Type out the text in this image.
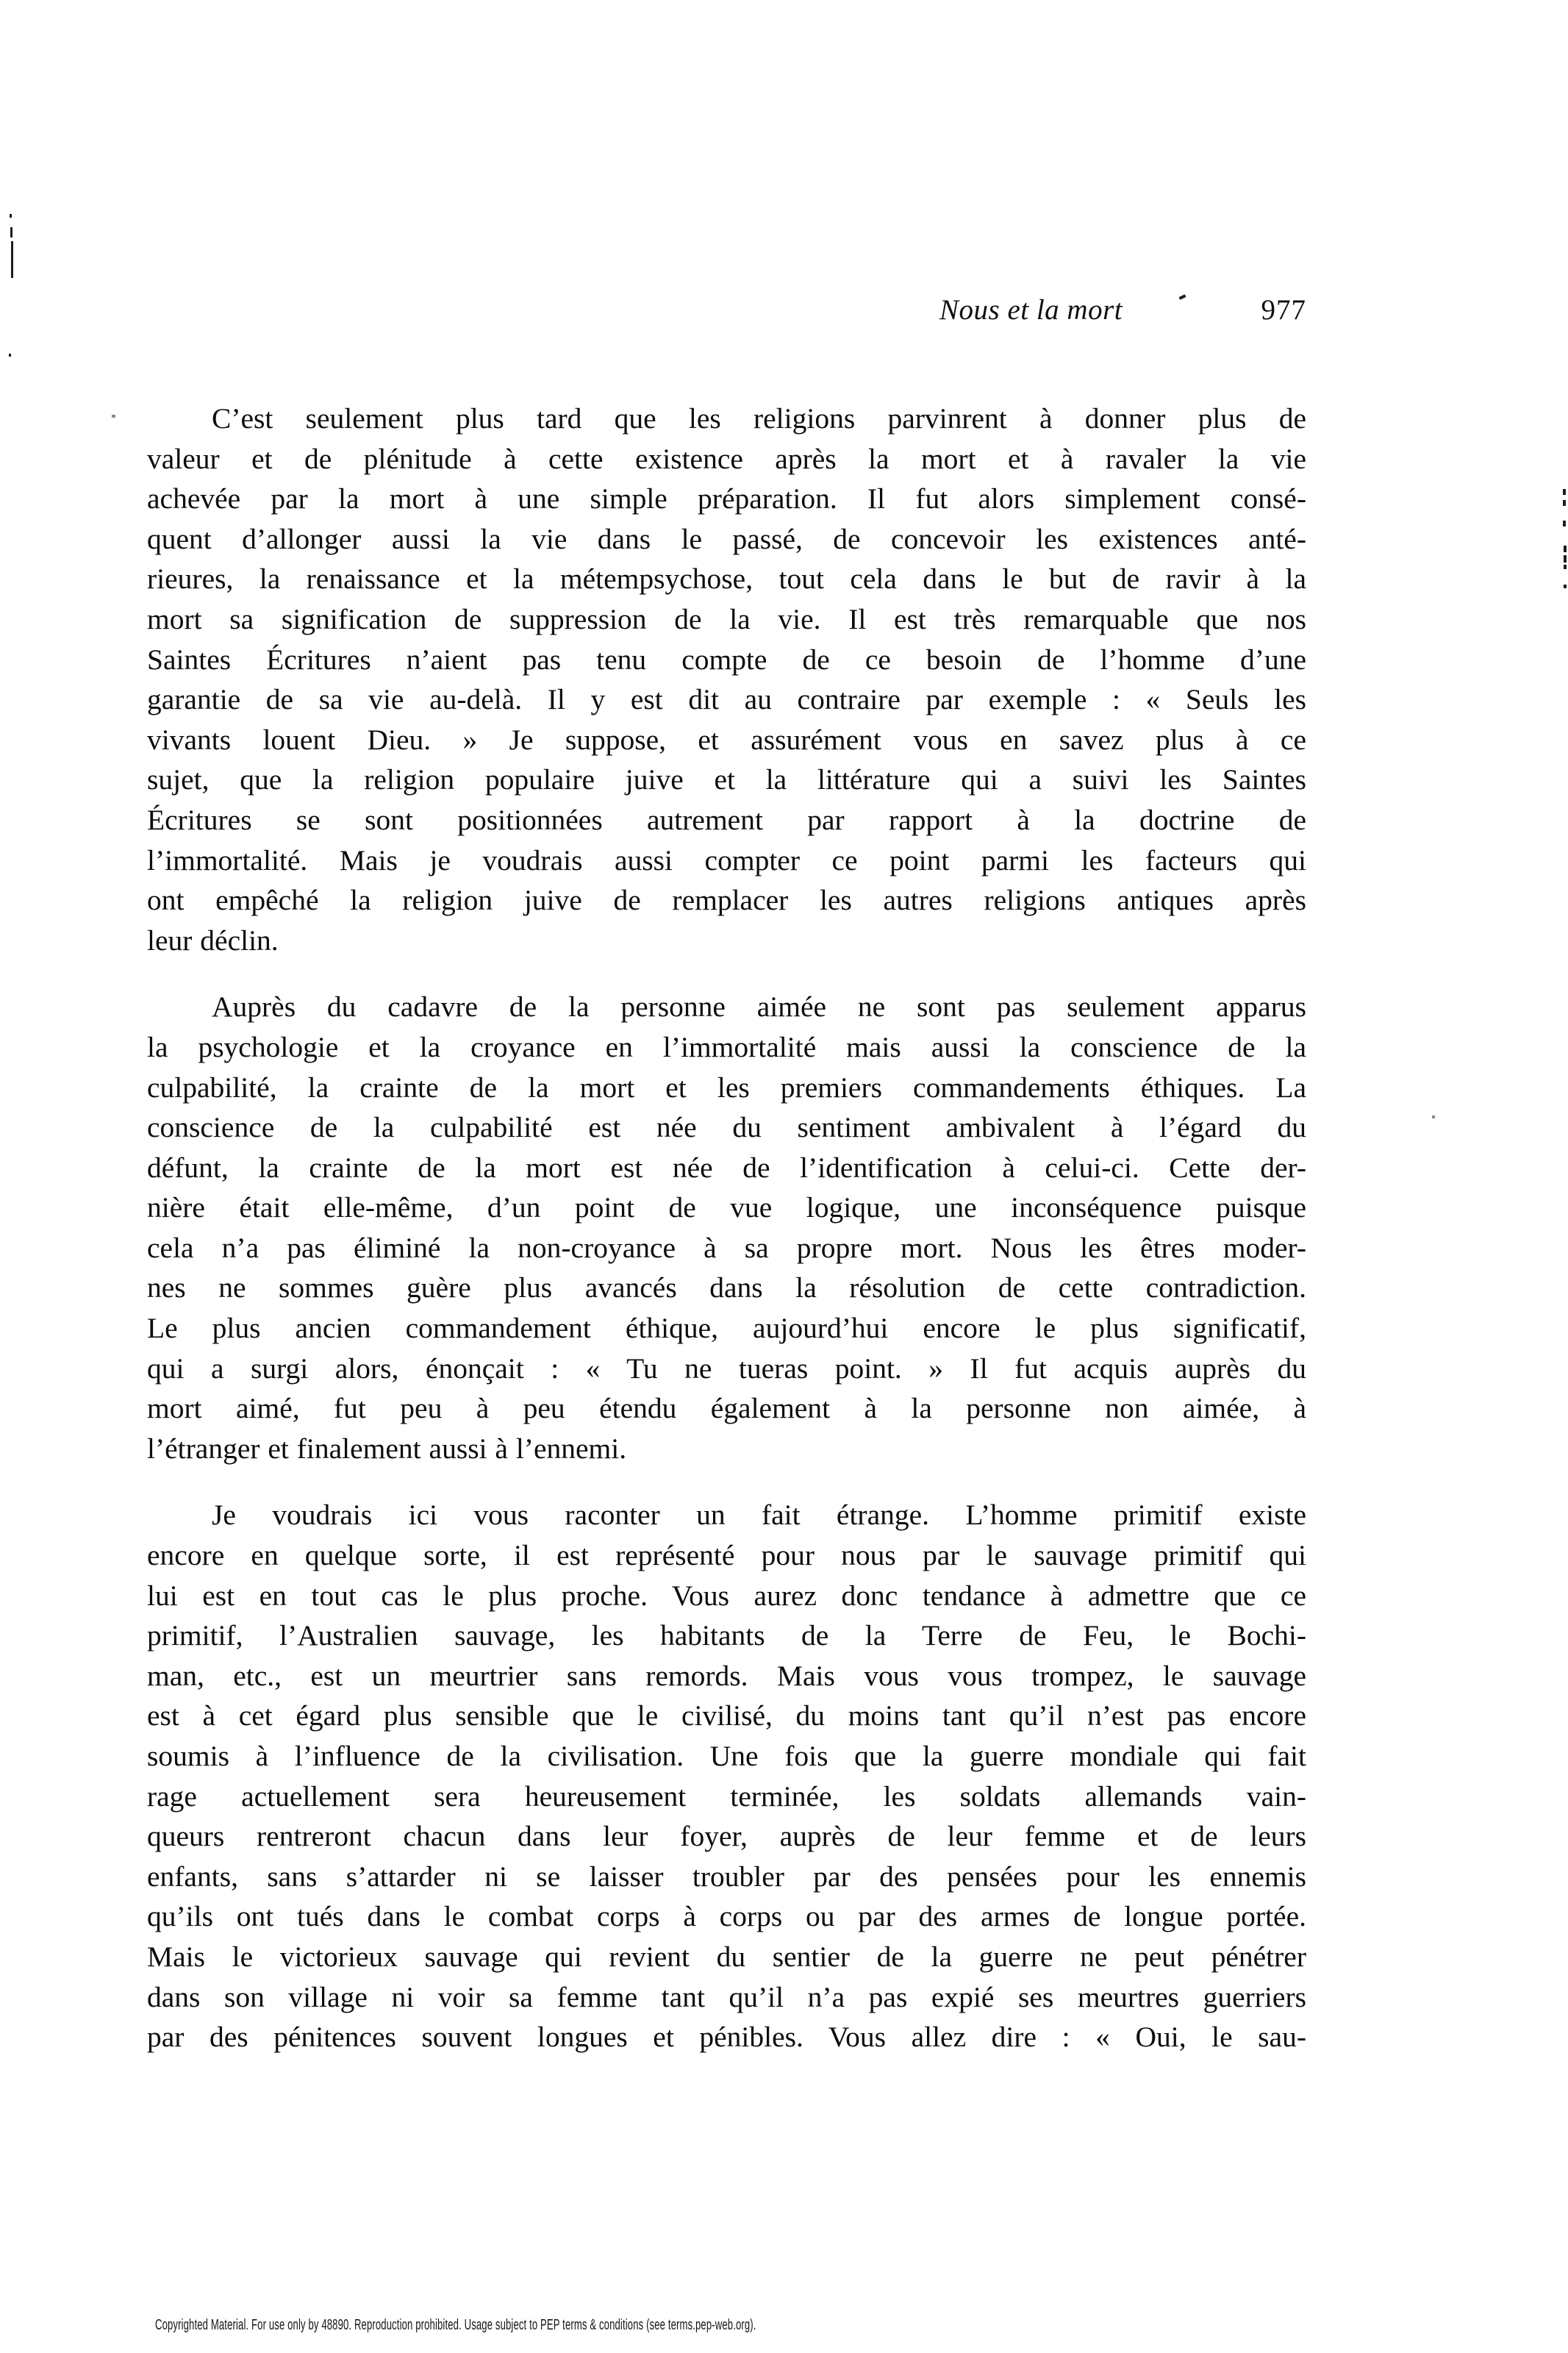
Nous et la mort	977
C’est seulement plus tard que les religions parvinrent à donner plus de
valeur et de plénitude à cette existence après la mort et à ravaler la vie
achevée par la mort à une simple préparation. Il fut alors simplement consé-
quent d’allonger aussi la vie dans le passé, de concevoir les existences anté-
rieures, la renaissance et la métempsychose, tout cela dans le but de ravir à la
mort sa signification de suppression de la vie. Il est très remarquable que nos
Saintes Écritures n’aient pas tenu compte de ce besoin de l’homme d’une
garantie de sa vie au-delà. Il y est dit au contraire par exemple : « Seuls les
vivants louent Dieu. » Je suppose, et assurément vous en savez plus à ce
sujet, que la religion populaire juive et la littérature qui a suivi les Saintes
Écritures se sont positionnées autrement par rapport à la doctrine de
l’immortalité. Mais je voudrais aussi compter ce point parmi les facteurs qui
ont empêché la religion juive de remplacer les autres religions antiques après
leur déclin.
Auprès du cadavre de la personne aimée ne sont pas seulement apparus
la psychologie et la croyance en l’immortalité mais aussi la conscience de la
culpabilité, la crainte de la mort et les premiers commandements éthiques. La
conscience de la culpabilité est née du sentiment ambivalent à l’égard du
défunt, la crainte de la mort est née de l’identification à celui-ci. Cette der-
nière était elle-même, d’un point de vue logique, une inconséquence puisque
cela n’a pas éliminé la non-croyance à sa propre mort. Nous les êtres moder-
nes ne sommes guère plus avancés dans la résolution de cette contradiction.
Le plus ancien commandement éthique, aujourd’hui encore le plus significatif,
qui a surgi alors, énonçait : « Tu ne tueras point. » Il fut acquis auprès du
mort aimé, fut peu à peu étendu également à la personne non aimée, à
l’étranger et finalement aussi à l’ennemi.
Je voudrais ici vous raconter un fait étrange. L’homme primitif existe
encore en quelque sorte, il est représenté pour nous par le sauvage primitif qui
lui est en tout cas le plus proche. Vous aurez donc tendance à admettre que ce
primitif, l’Australien sauvage, les habitants de la Terre de Feu, le Bochi-
man, etc., est un meurtrier sans remords. Mais vous vous trompez, le sauvage
est à cet égard plus sensible que le civilisé, du moins tant qu’il n’est pas encore
soumis à l’influence de la civilisation. Une fois que la guerre mondiale qui fait
rage actuellement sera heureusement terminée, les soldats allemands vain-
queurs rentreront chacun dans leur foyer, auprès de leur femme et de leurs
enfants, sans s’attarder ni se laisser troubler par des pensées pour les ennemis
qu’ils ont tués dans le combat corps à corps ou par des armes de longue portée.
Mais le victorieux sauvage qui revient du sentier de la guerre ne peut pénétrer
dans son village ni voir sa femme tant qu’il n’a pas expié ses meurtres guerriers
par des pénitences souvent longues et pénibles. Vous allez dire : « Oui, le sau-
Copyrighted Material. For use only by 48890. Reproduction prohibited. Usage subject to PEP terms & conditions (see terms.pep-web.org).
